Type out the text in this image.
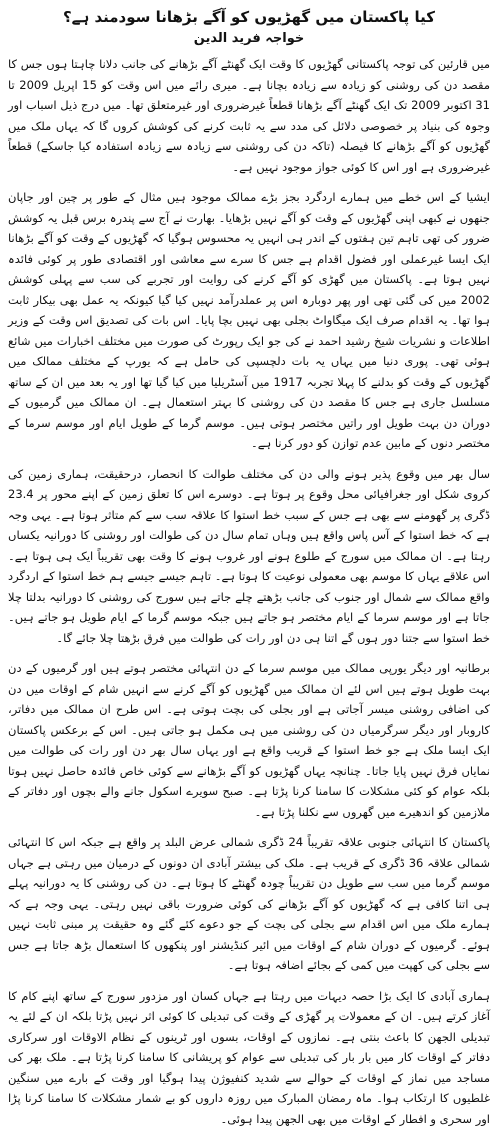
کیا پاکستان میں گھڑیوں کو آگے بڑھانا سودمند ہے؟
خواجہ فرید الدین

میں قارئین کی توجہ پاکستانی گھڑیوں کا وقت ایک گھنٹے آگے بڑھانے کی جانب دلانا چاہتا ہوں جس کا مقصد دن کی روشنی کو زیادہ سے زیادہ بچانا ہے۔ میری رائے میں اس وقت کو 15 اپریل 2009 تا 31 اکتوبر 2009 تک ایک گھنٹے آگے بڑھانا قطعاً غیرضروری اور غیرمتعلق تھا۔ میں درج ذیل اسباب اور وجوہ کی بنیاد پر خصوصی دلائل کی مدد سے یہ ثابت کرنے کی کوشش کروں گا کہ یہاں ملک میں گھڑیوں کو آگے بڑھانے کا فیصلہ (تاکہ دن کی روشنی سے زیادہ سے زیادہ استفادہ کیا جاسکے) قطعاً غیرضروری ہے اور اس کا کوئی جواز موجود نہیں ہے۔

ایشیا کے اس خطے میں ہمارے اردگرد بجز بڑے ممالک موجود ہیں مثال کے طور پر چین اور جاپان جنھوں نے کبھی اپنی گھڑیوں کے وقت کو آگے نہیں بڑھایا۔ بھارت نے آج سے پندرہ برس قبل یہ کوشش ضرور کی تھی تاہم تین ہفتوں کے اندر ہی انہیں یہ محسوس ہوگیا کہ گھڑیوں کے وقت کو آگے بڑھانا ایک ایسا غیرعملی اور فضول اقدام ہے جس کا سرے سے معاشی اور اقتصادی طور پر کوئی فائدہ نہیں ہوتا ہے۔ پاکستان میں گھڑی کو آگے کرنے کی روایت اور تجربے کی سب سے پہلی کوشش 2002 میں کی گئی تھی اور پھر دوبارہ اس پر عملدرآمد نہیں کیا گیا کیونکہ یہ عمل بھی بیکار ثابت ہوا تھا۔ یہ اقدام صرف ایک میگاواٹ بجلی بھی نہیں بچا پایا۔ اس بات کی تصدیق اس وقت کے وزیر اطلاعات و نشریات شیخ رشید احمد نے کی جو ایک رپورٹ کی صورت میں مختلف اخبارات میں شائع ہوئی تھی۔ پوری دنیا میں یہاں یہ بات دلچسپی کی حامل ہے کہ یورپ کے مختلف ممالک میں گھڑیوں کے وقت کو بدلنے کا پہلا تجربہ 1917 میں آسٹریلیا میں کیا گیا تھا اور یہ بعد میں ان کے ساتھ مسلسل جاری ہے جس کا مقصد دن کی روشنی کا بہتر استعمال ہے۔ ان ممالک میں گرمیوں کے دوران دن بہت طویل اور راتیں مختصر ہوتی ہیں۔ موسم گرما کے طویل ایام اور موسم سرما کے مختصر دنوں کے مابین عدم توازن کو دور کرنا ہے۔

سال بھر میں وقوع پذیر ہونے والی دن کی مختلف طوالت کا انحصار، درحقیقت، ہماری زمین کی کروی شکل اور جغرافیائی محل وقوع پر ہوتا ہے۔ دوسرے اس کا تعلق زمین کے اپنے محور پر 23.4 ڈگری پر گھومنے سے بھی ہے جس کے سبب خط استوا کا علاقہ سب سے کم متاثر ہوتا ہے۔ یہی وجہ ہے کہ خط استوا کے آس پاس واقع ہیں وہاں تمام سال دن کی طوالت اور روشنی کا دورانیہ یکساں رہتا ہے۔ ان ممالک میں سورج کے طلوع ہونے اور غروب ہونے کا وقت بھی تقریباً ایک ہی ہوتا ہے۔ اس علاقے یہاں کا موسم بھی معمولی نوعیت کا ہوتا ہے۔ تاہم جیسے جیسے ہم خط استوا کے اردگرد واقع ممالک سے شمال اور جنوب کی جانب بڑھتے چلے جاتے ہیں سورج کی روشنی کا دورانیہ بدلتا چلا جاتا ہے اور موسم سرما کے ایام مختصر ہو جاتے ہیں جبکہ موسم گرما کے ایام طویل ہو جاتے ہیں۔ خط استوا سے جتنا دور ہوں گے اتنا ہی دن اور رات کی طوالت میں فرق بڑھتا چلا جائے گا۔

برطانیہ اور دیگر یورپی ممالک میں موسم سرما کے دن انتہائی مختصر ہوتے ہیں اور گرمیوں کے دن بہت طویل ہوتے ہیں اس لئے ان ممالک میں گھڑیوں کو آگے کرنے سے انہیں شام کے اوقات میں دن کی اضافی روشنی میسر آجاتی ہے اور بجلی کی بچت ہوتی ہے۔ اس طرح ان ممالک میں دفاتر، کاروبار اور دیگر سرگرمیاں دن کی روشنی میں ہی مکمل ہو جاتی ہیں۔ اس کے برعکس پاکستان ایک ایسا ملک ہے جو خط استوا کے قریب واقع ہے اور یہاں سال بھر دن اور رات کی طوالت میں نمایاں فرق نہیں پایا جاتا۔ چنانچہ یہاں گھڑیوں کو آگے بڑھانے سے کوئی خاص فائدہ حاصل نہیں ہوتا بلکہ عوام کو کئی مشکلات کا سامنا کرنا پڑتا ہے۔ صبح سویرے اسکول جانے والے بچوں اور دفاتر کے ملازمین کو اندھیرے میں گھروں سے نکلنا پڑتا ہے۔

پاکستان کا انتہائی جنوبی علاقہ تقریباً 24 ڈگری شمالی عرض البلد پر واقع ہے جبکہ اس کا انتہائی شمالی علاقہ 36 ڈگری کے قریب ہے۔ ملک کی بیشتر آبادی ان دونوں کے درمیان میں رہتی ہے جہاں موسم گرما میں سب سے طویل دن تقریباً چودہ گھنٹے کا ہوتا ہے۔ دن کی روشنی کا یہ دورانیہ پہلے ہی اتنا کافی ہے کہ گھڑیوں کو آگے بڑھانے کی کوئی ضرورت باقی نہیں رہتی۔ یہی وجہ ہے کہ ہمارے ملک میں اس اقدام سے بجلی کی بچت کے جو دعوے کئے گئے وہ حقیقت پر مبنی ثابت نہیں ہوئے۔ گرمیوں کے دوران شام کے اوقات میں ائیر کنڈیشنر اور پنکھوں کا استعمال بڑھ جاتا ہے جس سے بجلی کی کھپت میں کمی کے بجائے اضافہ ہوتا ہے۔

ہماری آبادی کا ایک بڑا حصہ دیہات میں رہتا ہے جہاں کسان اور مزدور سورج کے ساتھ اپنے کام کا آغاز کرتے ہیں۔ ان کے معمولات پر گھڑی کے وقت کی تبدیلی کا کوئی اثر نہیں پڑتا بلکہ ان کے لئے یہ تبدیلی الجھن کا باعث بنتی ہے۔ نمازوں کے اوقات، بسوں اور ٹرینوں کے نظام الاوقات اور سرکاری دفاتر کے اوقات کار میں بار بار کی تبدیلی سے عوام کو پریشانی کا سامنا کرنا پڑتا ہے۔ ملک بھر کی مساجد میں نماز کے اوقات کے حوالے سے شدید کنفیوژن پیدا ہوگیا اور وقت کے بارے میں سنگین غلطیوں کا ارتکاب ہوا۔ ماہ رمضان المبارک میں روزہ داروں کو بے شمار مشکلات کا سامنا کرنا پڑا اور سحری و افطار کے اوقات میں بھی الجھن پیدا ہوئی۔
